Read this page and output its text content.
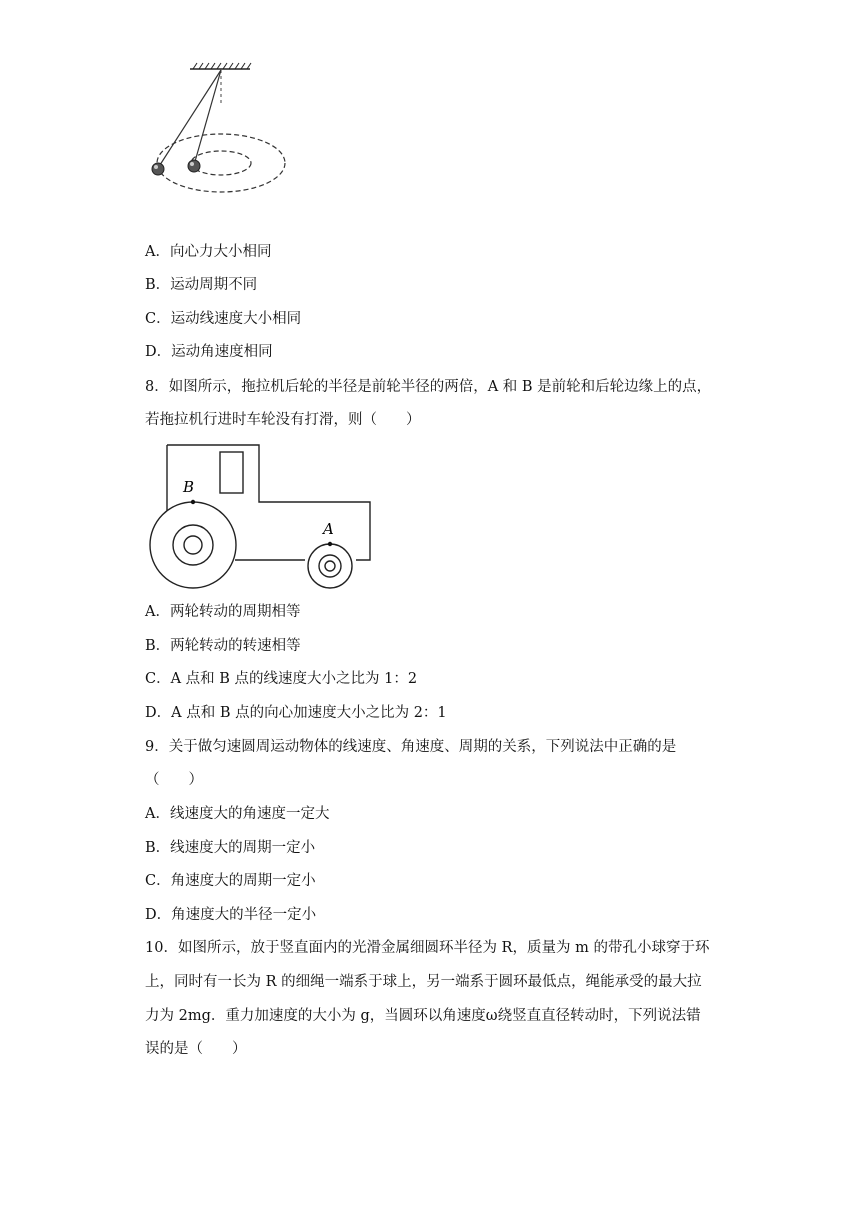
A．向心力大小相同
B．运动周期不同
C．运动线速度大小相同
D．运动角速度相同
8．如图所示，拖拉机后轮的半径是前轮半径的两倍，A 和 B 是前轮和后轮边缘上的点，
若拖拉机行进时车轮没有打滑，则（　　）
B
A
A．两轮转动的周期相等
B．两轮转动的转速相等
C．A 点和 B 点的线速度大小之比为 1：2
D．A 点和 B 点的向心加速度大小之比为 2：1
9．关于做匀速圆周运动物体的线速度、角速度、周期的关系，下列说法中正确的是
（　　）
A．线速度大的角速度一定大
B．线速度大的周期一定小
C．角速度大的周期一定小
D．角速度大的半径一定小
10．如图所示，放于竖直面内的光滑金属细圆环半径为 R，质量为 m 的带孔小球穿于环
上，同时有一长为 R 的细绳一端系于球上，另一端系于圆环最低点，绳能承受的最大拉
力为 2mg．重力加速度的大小为 g，当圆环以角速度ω绕竖直直径转动时，下列说法错
误的是（　　）
